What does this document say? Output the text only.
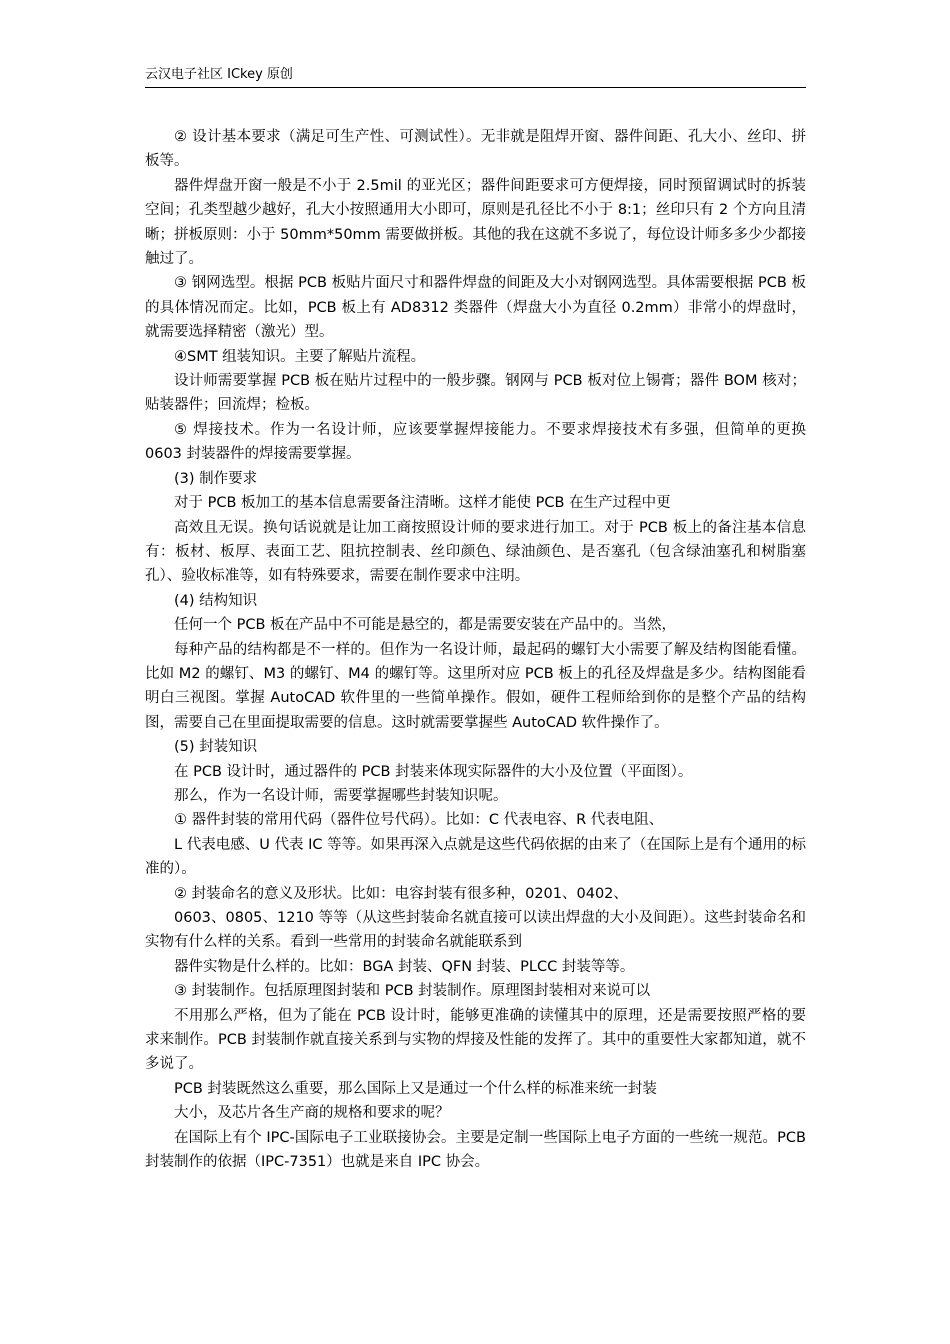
云汉电子社区 ICkey 原创

② 设计基本要求（满足可生产性、可测试性）。无非就是阻焊开窗、器件间距、孔大小、丝印、拼板等。

器件焊盘开窗一般是不小于 2.5mil 的亚光区；器件间距要求可方便焊接，同时预留调试时的拆装空间；孔类型越少越好，孔大小按照通用大小即可，原则是孔径比不小于 8:1；丝印只有 2 个方向且清晰；拼板原则：小于 50mm*50mm 需要做拼板。其他的我在这就不多说了，每位设计师多多少少都接触过了。

③ 钢网选型。根据 PCB 板贴片面尺寸和器件焊盘的间距及大小对钢网选型。具体需要根据 PCB 板的具体情况而定。比如，PCB 板上有 AD8312 类器件（焊盘大小为直径 0.2mm）非常小的焊盘时，就需要选择精密（激光）型。

④SMT 组装知识。主要了解贴片流程。

设计师需要掌握 PCB 板在贴片过程中的一般步骤。钢网与 PCB 板对位上锡膏；器件 BOM 核对；贴装器件；回流焊；检板。

⑤ 焊接技术。作为一名设计师，应该要掌握焊接能力。不要求焊接技术有多强，但简单的更换 0603 封装器件的焊接需要掌握。

(3) 制作要求

对于 PCB 板加工的基本信息需要备注清晰。这样才能使 PCB 在生产过程中更

高效且无误。换句话说就是让加工商按照设计师的要求进行加工。对于 PCB 板上的备注基本信息有：板材、板厚、表面工艺、阻抗控制表、丝印颜色、绿油颜色、是否塞孔（包含绿油塞孔和树脂塞孔）、验收标准等，如有特殊要求，需要在制作要求中注明。

(4) 结构知识

任何一个 PCB 板在产品中不可能是悬空的，都是需要安装在产品中的。当然，

每种产品的结构都是不一样的。但作为一名设计师，最起码的螺钉大小需要了解及结构图能看懂。比如 M2 的螺钉、M3 的螺钉、M4 的螺钉等。这里所对应 PCB 板上的孔径及焊盘是多少。结构图能看明白三视图。掌握 AutoCAD 软件里的一些简单操作。假如，硬件工程师给到你的是整个产品的结构图，需要自己在里面提取需要的信息。这时就需要掌握些 AutoCAD 软件操作了。

(5) 封装知识

在 PCB 设计时，通过器件的 PCB 封装来体现实际器件的大小及位置（平面图）。

那么，作为一名设计师，需要掌握哪些封装知识呢。

① 器件封装的常用代码（器件位号代码）。比如：C 代表电容、R 代表电阻、

L 代表电感、U 代表 IC 等等。如果再深入点就是这些代码依据的由来了（在国际上是有个通用的标准的）。

② 封装命名的意义及形状。比如：电容封装有很多种，0201、0402、

0603、0805、1210 等等（从这些封装命名就直接可以读出焊盘的大小及间距）。这些封装命名和实物有什么样的关系。看到一些常用的封装命名就能联系到

器件实物是什么样的。比如：BGA 封装、QFN 封装、PLCC 封装等等。

③ 封装制作。包括原理图封装和 PCB 封装制作。原理图封装相对来说可以

不用那么严格，但为了能在 PCB 设计时，能够更准确的读懂其中的原理，还是需要按照严格的要求来制作。PCB 封装制作就直接关系到与实物的焊接及性能的发挥了。其中的重要性大家都知道，就不多说了。

PCB 封装既然这么重要，那么国际上又是通过一个什么样的标准来统一封装

大小，及芯片各生产商的规格和要求的呢？

在国际上有个 IPC-国际电子工业联接协会。主要是定制一些国际上电子方面的一些统一规范。PCB 封装制作的依据（IPC-7351）也就是来自 IPC 协会。
